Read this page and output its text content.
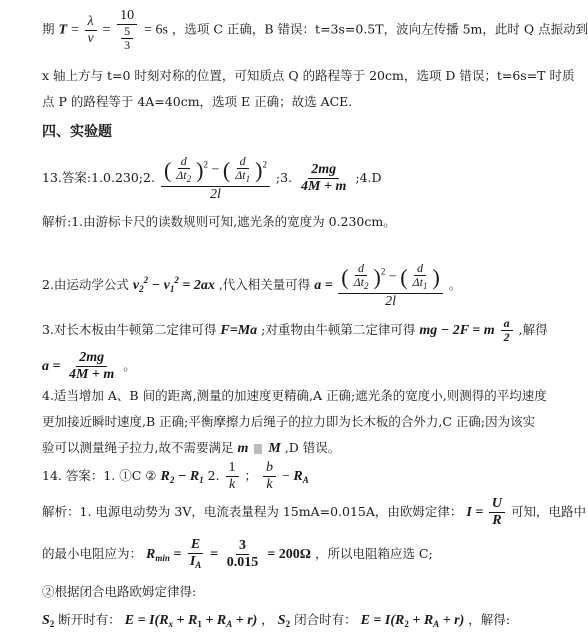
期 $T = \frac{\lambda}{v} = \frac{10}{\frac{5}{3}} = 6s$ ，选项 C 正确，B 错误：t=3s=0.5T，波向左传播 5m，此时 Q 点振动到
x 轴上方与 t=0 时刻对称的位置，可知质点 Q 的路程等于 20cm，选项 D 错误；t=6s=T 时质
点 P 的路程等于 4A=40cm，选项 E 正确；故选 ACE.
四、实验题
13.答案:1.0.230;2. $\frac{( \frac{d}{\Delta t_2} )^2 - ( \frac{d}{\Delta t_1} )^2}{2l}$ ;3. $\frac{2mg}{4M + m}$ ;4.D
解析:1.由游标卡尺的读数规则可知,遮光条的宽度为 0.230cm。
2.由运动学公式 $v_2^2 - v_1^2 = 2ax$ ,代入相关量可得 $a = \frac{( \frac{d}{\Delta t_2} )^2 - ( \frac{d}{\Delta t_1} )}{2l}$ 。
3.对长木板由牛顿第二定律可得 F=Ma ;对重物由牛顿第二定律可得 mg − 2F = m $\frac{a}{2}$ ,解得
$a = \frac{2mg}{4M + m}$ 。
4.适当增加 A、B 间的距离,测量的加速度更精确,A 正确;遮光条的宽度小,则测得的平均速度
更加接近瞬时速度,B 正确;平衡摩擦力后绳子的拉力即为长木板的合外力,C 正确;因为该实
验可以测量绳子拉力,故不需要满足 m  M ,D 错误。
14. 答案：1. ①C ② $R_2 - R_1$ 2. $\frac{1}{k}$ ； $\frac{b}{k} - R_A$
解析：1. 电源电动势为 3V，电流表量程为 15mA=0.015A，由欧姆定律： $I = \frac{U}{R}$ 可知，电路中
的最小电阻应为： $R_{min} = \frac{E}{I_A} = \frac{3}{0.015} = 200\Omega$ ，所以电阻箱应选 C;
②根据闭合电路欧姆定律得:
$S_2$ 断开时有： $E = I(R_x + R_1 + R_A + r)$ ， $S_2$ 闭合时有： $E = I(R_2 + R_A + r)$ ，解得:
